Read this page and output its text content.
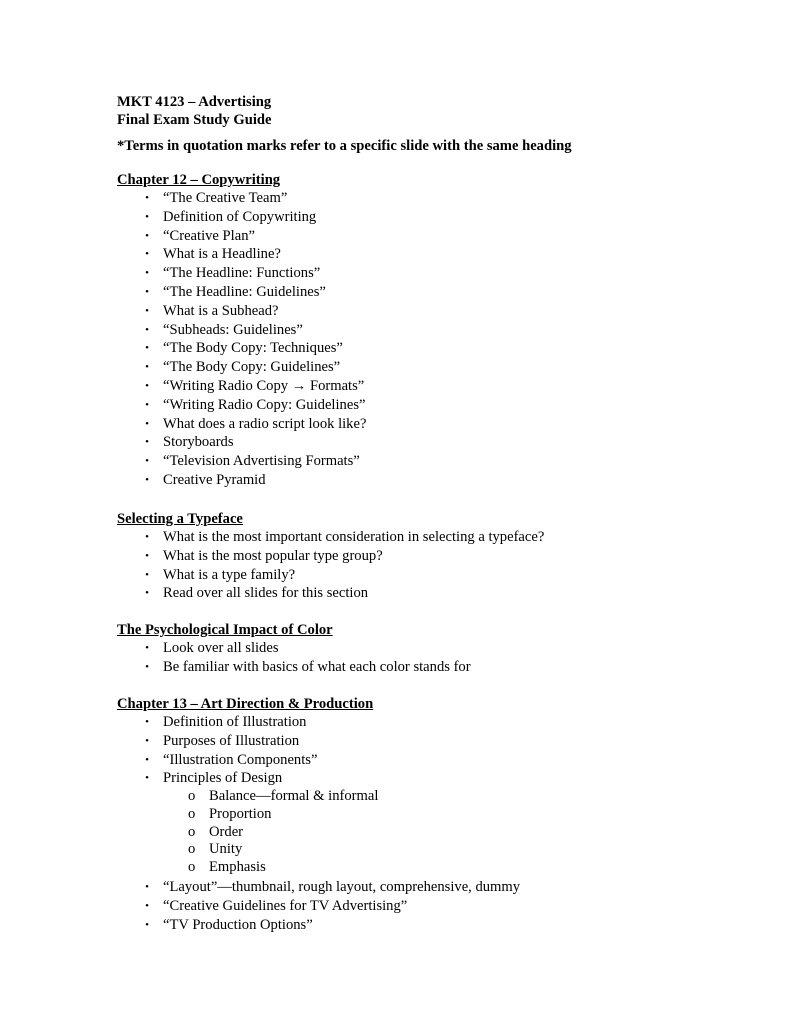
MKT 4123 – Advertising
Final Exam Study Guide
*Terms in quotation marks refer to a specific slide with the same heading
Chapter 12 – Copywriting
• “The Creative Team”
• Definition of Copywriting
• “Creative Plan”
• What is a Headline?
• “The Headline: Functions”
• “The Headline: Guidelines”
• What is a Subhead?
• “Subheads: Guidelines”
• “The Body Copy: Techniques”
• “The Body Copy: Guidelines”
• “Writing Radio Copy → Formats”
• “Writing Radio Copy: Guidelines”
• What does a radio script look like?
• Storyboards
• “Television Advertising Formats”
• Creative Pyramid
Selecting a Typeface
• What is the most important consideration in selecting a typeface?
• What is the most popular type group?
• What is a type family?
• Read over all slides for this section
The Psychological Impact of Color
• Look over all slides
• Be familiar with basics of what each color stands for
Chapter 13 – Art Direction & Production
• Definition of Illustration
• Purposes of Illustration
• “Illustration Components”
• Principles of Design
o Balance—formal & informal
o Proportion
o Order
o Unity
o Emphasis
• “Layout”—thumbnail, rough layout, comprehensive, dummy
• “Creative Guidelines for TV Advertising”
• “TV Production Options”
